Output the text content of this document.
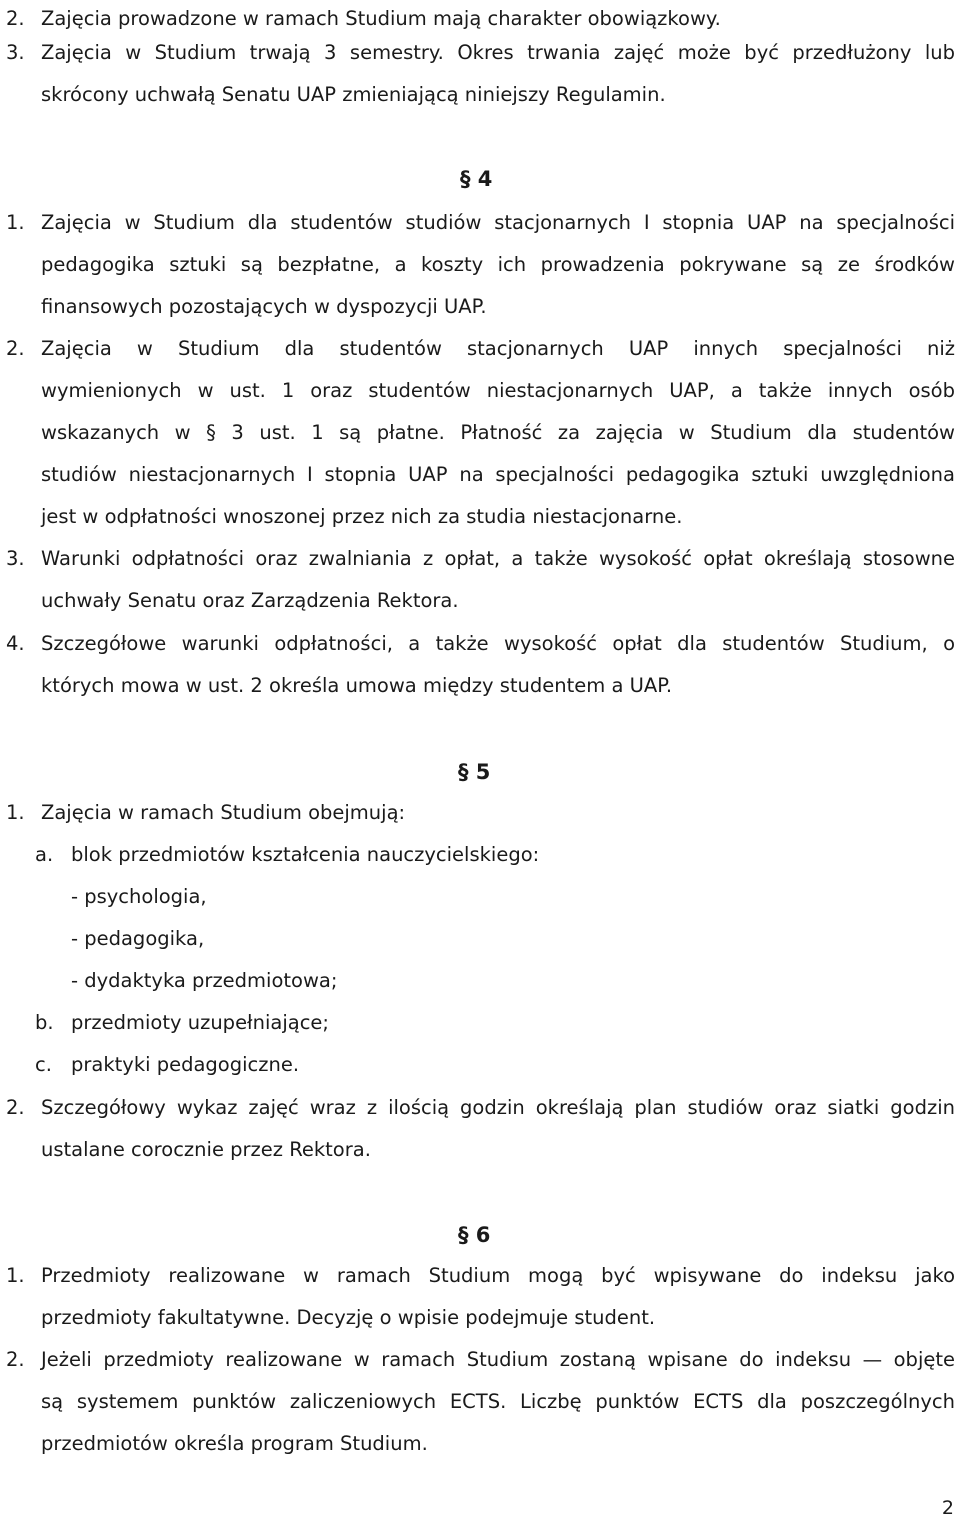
2. Zajęcia prowadzone w ramach Studium mają charakter obowiązkowy.
3. Zajęcia w Studium trwają 3 semestry. Okres trwania zajęć może być przedłużony lub
skrócony uchwałą Senatu UAP zmieniającą niniejszy Regulamin.
§ 4
1. Zajęcia w Studium dla studentów studiów stacjonarnych I stopnia UAP na specjalności
pedagogika sztuki są bezpłatne, a koszty ich prowadzenia pokrywane są ze środków
finansowych pozostających w dyspozycji UAP.
2. Zajęcia w Studium dla studentów stacjonarnych UAP innych specjalności niż
wymienionych w ust. 1 oraz studentów niestacjonarnych UAP, a także innych osób
wskazanych w § 3 ust. 1 są płatne. Płatność za zajęcia w Studium dla studentów
studiów niestacjonarnych I stopnia UAP na specjalności pedagogika sztuki uwzględniona
jest w odpłatności wnoszonej przez nich za studia niestacjonarne.
3. Warunki odpłatności oraz zwalniania z opłat, a także wysokość opłat określają stosowne
uchwały Senatu oraz Zarządzenia Rektora.
4. Szczegółowe warunki odpłatności, a także wysokość opłat dla studentów Studium, o
których mowa w ust. 2 określa umowa między studentem a UAP.
§ 5
1. Zajęcia w ramach Studium obejmują:
a. blok przedmiotów kształcenia nauczycielskiego:
- psychologia,
- pedagogika,
- dydaktyka przedmiotowa;
b. przedmioty uzupełniające;
c. praktyki pedagogiczne.
2. Szczegółowy wykaz zajęć wraz z ilością godzin określają plan studiów oraz siatki godzin
ustalane corocznie przez Rektora.
§ 6
1. Przedmioty realizowane w ramach Studium mogą być wpisywane do indeksu jako
przedmioty fakultatywne. Decyzję o wpisie podejmuje student.
2. Jeżeli przedmioty realizowane w ramach Studium zostaną wpisane do indeksu — objęte
są systemem punktów zaliczeniowych ECTS. Liczbę punktów ECTS dla poszczególnych
przedmiotów określa program Studium.
2
